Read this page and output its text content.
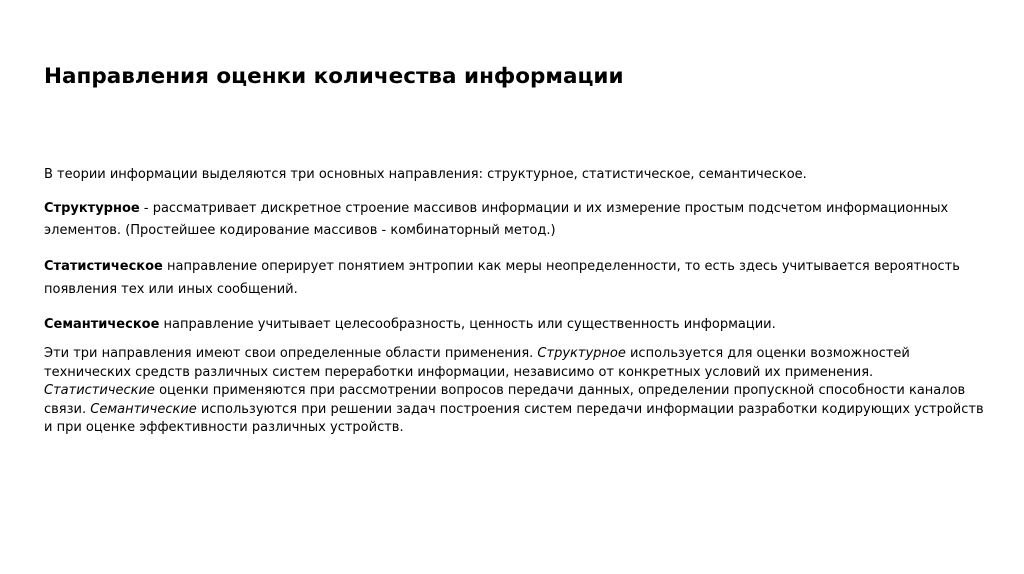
Направления оценки количества информации

В теории информации выделяются три основных направления: структурное, статистическое, семантическое.

Структурное - рассматривает дискретное строение массивов информации и их измерение простым подсчетом информационных элементов. (Простейшее кодирование массивов - комбинаторный метод.)

Статистическое направление оперирует понятием энтропии как меры неопределенности, то есть здесь учитывается вероятность появления тех или иных сообщений.

Семантическое направление учитывает целесообразность, ценность или существенность информации.

Эти три направления имеют свои определенные области применения. Структурное используется для оценки возможностей технических средств различных систем переработки информации, независимо от конкретных условий их применения. Статистические оценки применяются при рассмотрении вопросов передачи данных, определении пропускной способности каналов связи. Семантические используются при решении задач построения систем передачи информации разработки кодирующих устройств и при оценке эффективности различных устройств.
